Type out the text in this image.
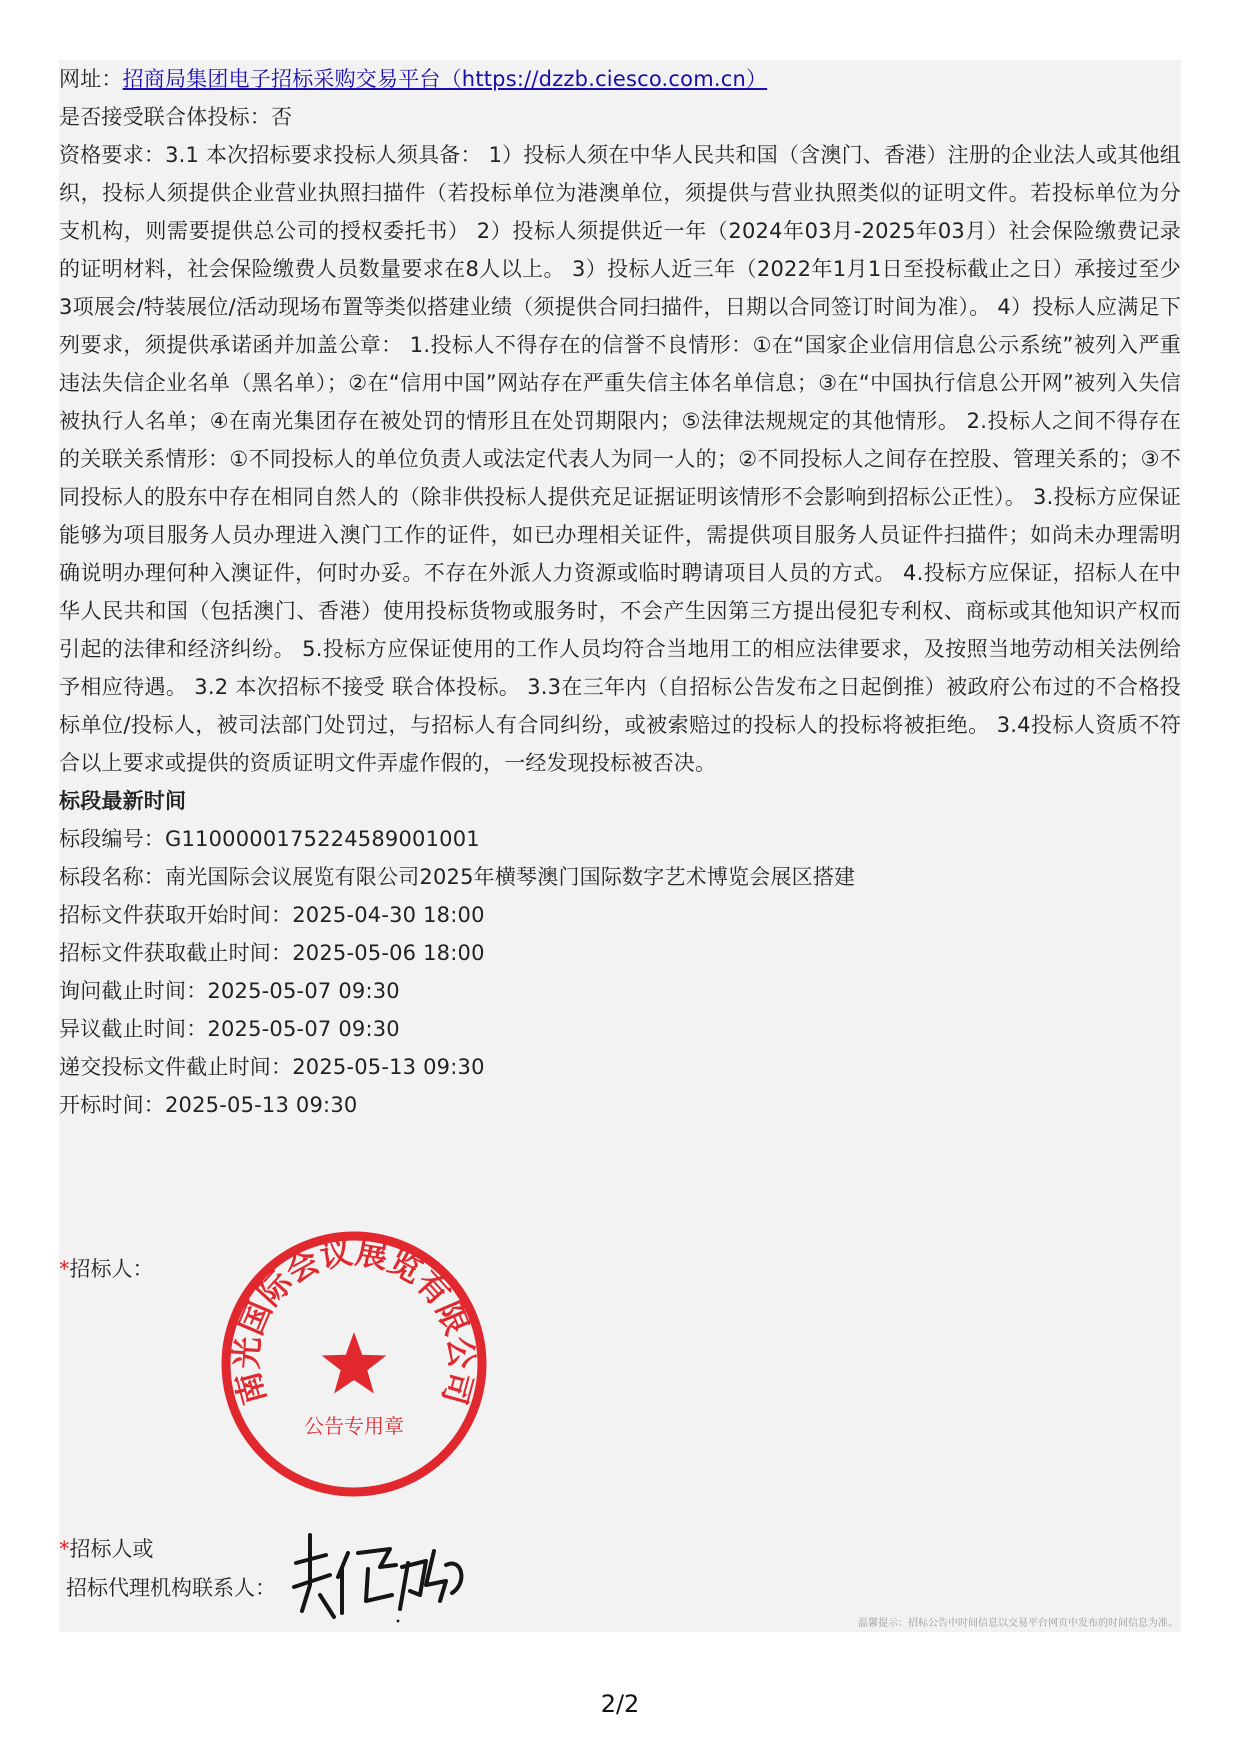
网址：招商局集团电子招标采购交易平台（https://dzzb.ciesco.com.cn）
是否接受联合体投标：否
资格要求：3.1 本次招标要求投标人须具备： 1）投标人须在中华人民共和国（含澳门、香港）注册的企业法人或其他组织，投标人须提供企业营业执照扫描件（若投标单位为港澳单位，须提供与营业执照类似的证明文件。若投标单位为分支机构，则需要提供总公司的授权委托书） 2）投标人须提供近一年（2024年03月-2025年03月）社会保险缴费记录的证明材料，社会保险缴费人员数量要求在8人以上。 3）投标人近三年（2022年1月1日至投标截止之日）承接过至少3项展会/特装展位/活动现场布置等类似搭建业绩（须提供合同扫描件，日期以合同签订时间为准）。 4）投标人应满足下列要求，须提供承诺函并加盖公章： 1.投标人不得存在的信誉不良情形：①在“国家企业信用信息公示系统”被列入严重违法失信企业名单（黑名单）；②在“信用中国”网站存在严重失信主体名单信息；③在“中国执行信息公开网”被列入失信被执行人名单；④在南光集团存在被处罚的情形且在处罚期限内；⑤法律法规规定的其他情形。 2.投标人之间不得存在的关联关系情形：①不同投标人的单位负责人或法定代表人为同一人的；②不同投标人之间存在控股、管理关系的；③不同投标人的股东中存在相同自然人的（除非供投标人提供充足证据证明该情形不会影响到招标公正性）。 3.投标方应保证能够为项目服务人员办理进入澳门工作的证件，如已办理相关证件，需提供项目服务人员证件扫描件；如尚未办理需明确说明办理何种入澳证件，何时办妥。不存在外派人力资源或临时聘请项目人员的方式。 4.投标方应保证，招标人在中华人民共和国（包括澳门、香港）使用投标货物或服务时，不会产生因第三方提出侵犯专利权、商标或其他知识产权而引起的法律和经济纠纷。 5.投标方应保证使用的工作人员均符合当地用工的相应法律要求，及按照当地劳动相关法例给予相应待遇。 3.2 本次招标不接受 联合体投标。 3.3在三年内（自招标公告发布之日起倒推）被政府公布过的不合格投标单位/投标人，被司法部门处罚过，与招标人有合同纠纷，或被索赔过的投标人的投标将被拒绝。 3.4投标人资质不符合以上要求或提供的资质证明文件弄虚作假的，一经发现投标被否决。
标段最新时间
标段编号：G1100000175224589001001
标段名称：南光国际会议展览有限公司2025年横琴澳门国际数字艺术博览会展区搭建
招标文件获取开始时间：2025-04-30 18:00
招标文件获取截止时间：2025-05-06 18:00
询问截止时间：2025-05-07 09:30
异议截止时间：2025-05-07 09:30
递交投标文件截止时间：2025-05-13 09:30
开标时间：2025-05-13 09:30
*招标人：
南光国际会议展览有限公司
公告专用章
*招标人或
招标代理机构联系人：
温馨提示：招标公告中时间信息以交易平台网页中发布的时间信息为准。
2/2
